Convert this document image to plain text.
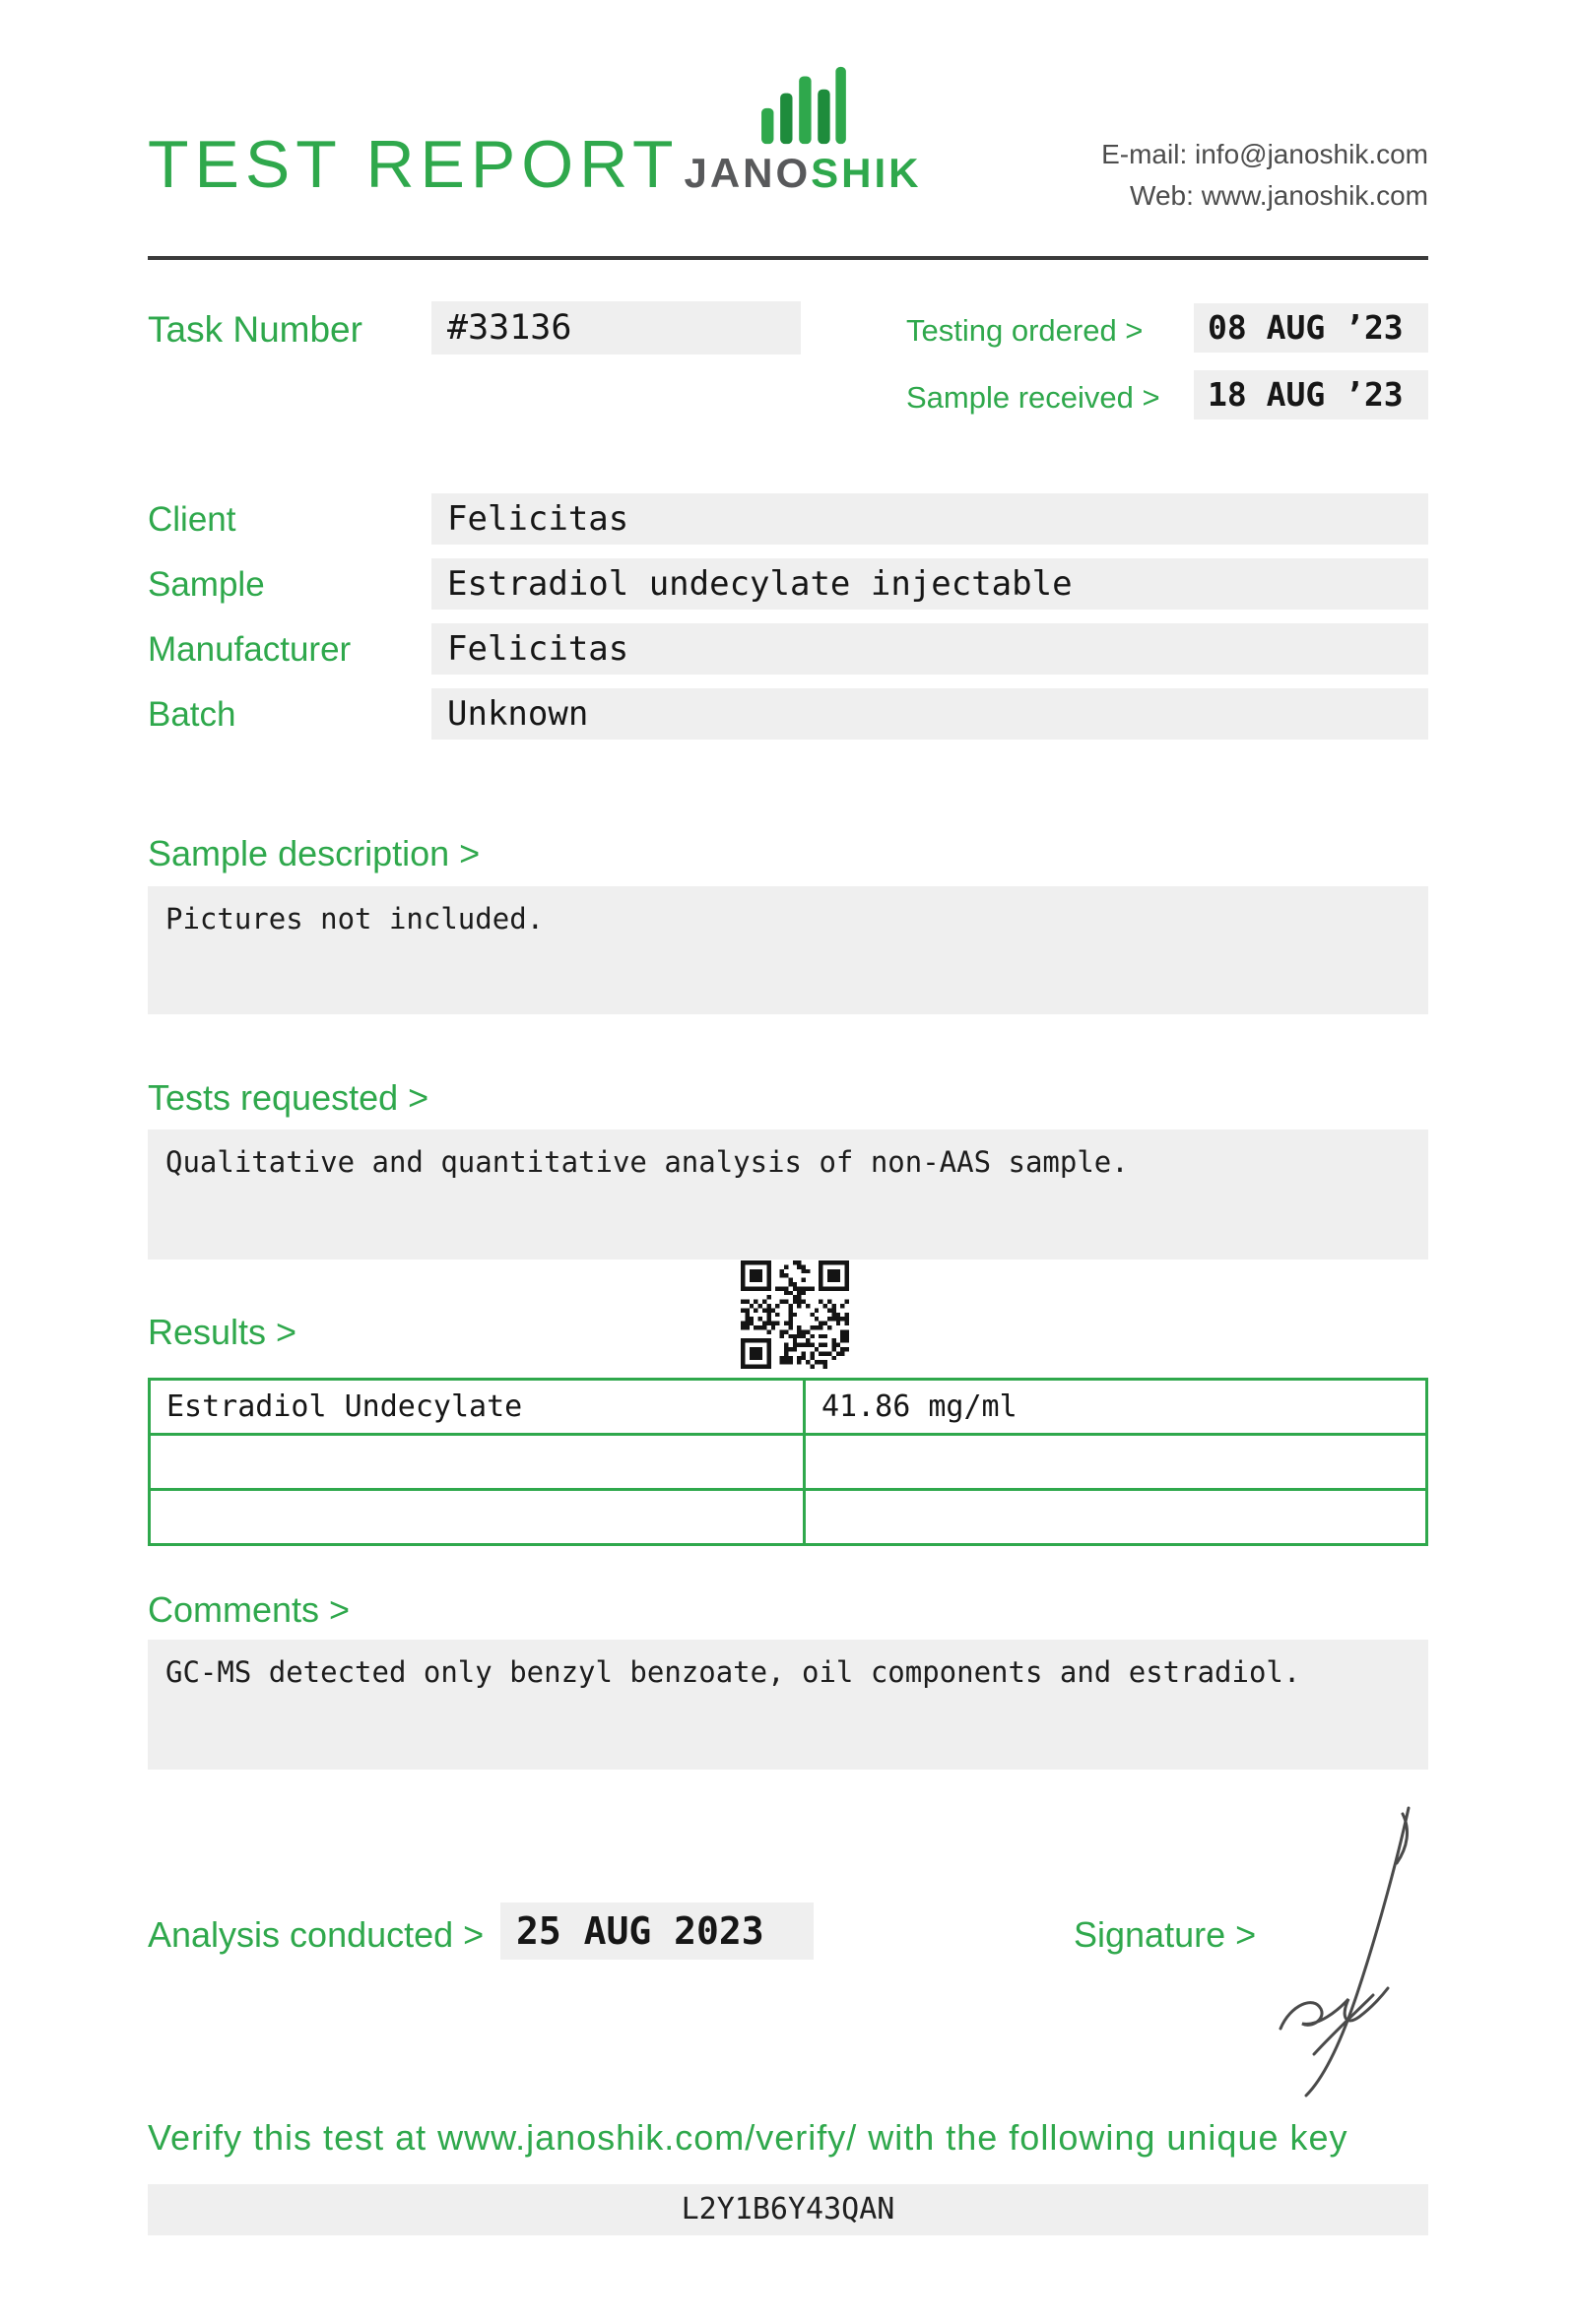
TEST REPORT JANOSHIK	E-mail: info@janoshik.com
Web: www.janoshik.com
Task Number	#33136	Testing ordered >	08 AUG ’23
Sample received >	18 AUG ’23
Client	Felicitas
Sample	Estradiol undecylate injectable
Manufacturer	Felicitas
Batch	Unknown
Sample description >
Pictures not included.
Tests requested >
Qualitative and quantitative analysis of non-AAS sample.
Results >
Estradiol Undecylate	41.86 mg/ml

Comments >
GC-MS detected only benzyl benzoate, oil components and estradiol.
Analysis conducted > 25 AUG 2023	Signature >
Verify this test at www.janoshik.com/verify/ with the following unique key
L2Y1B6Y43QAN
